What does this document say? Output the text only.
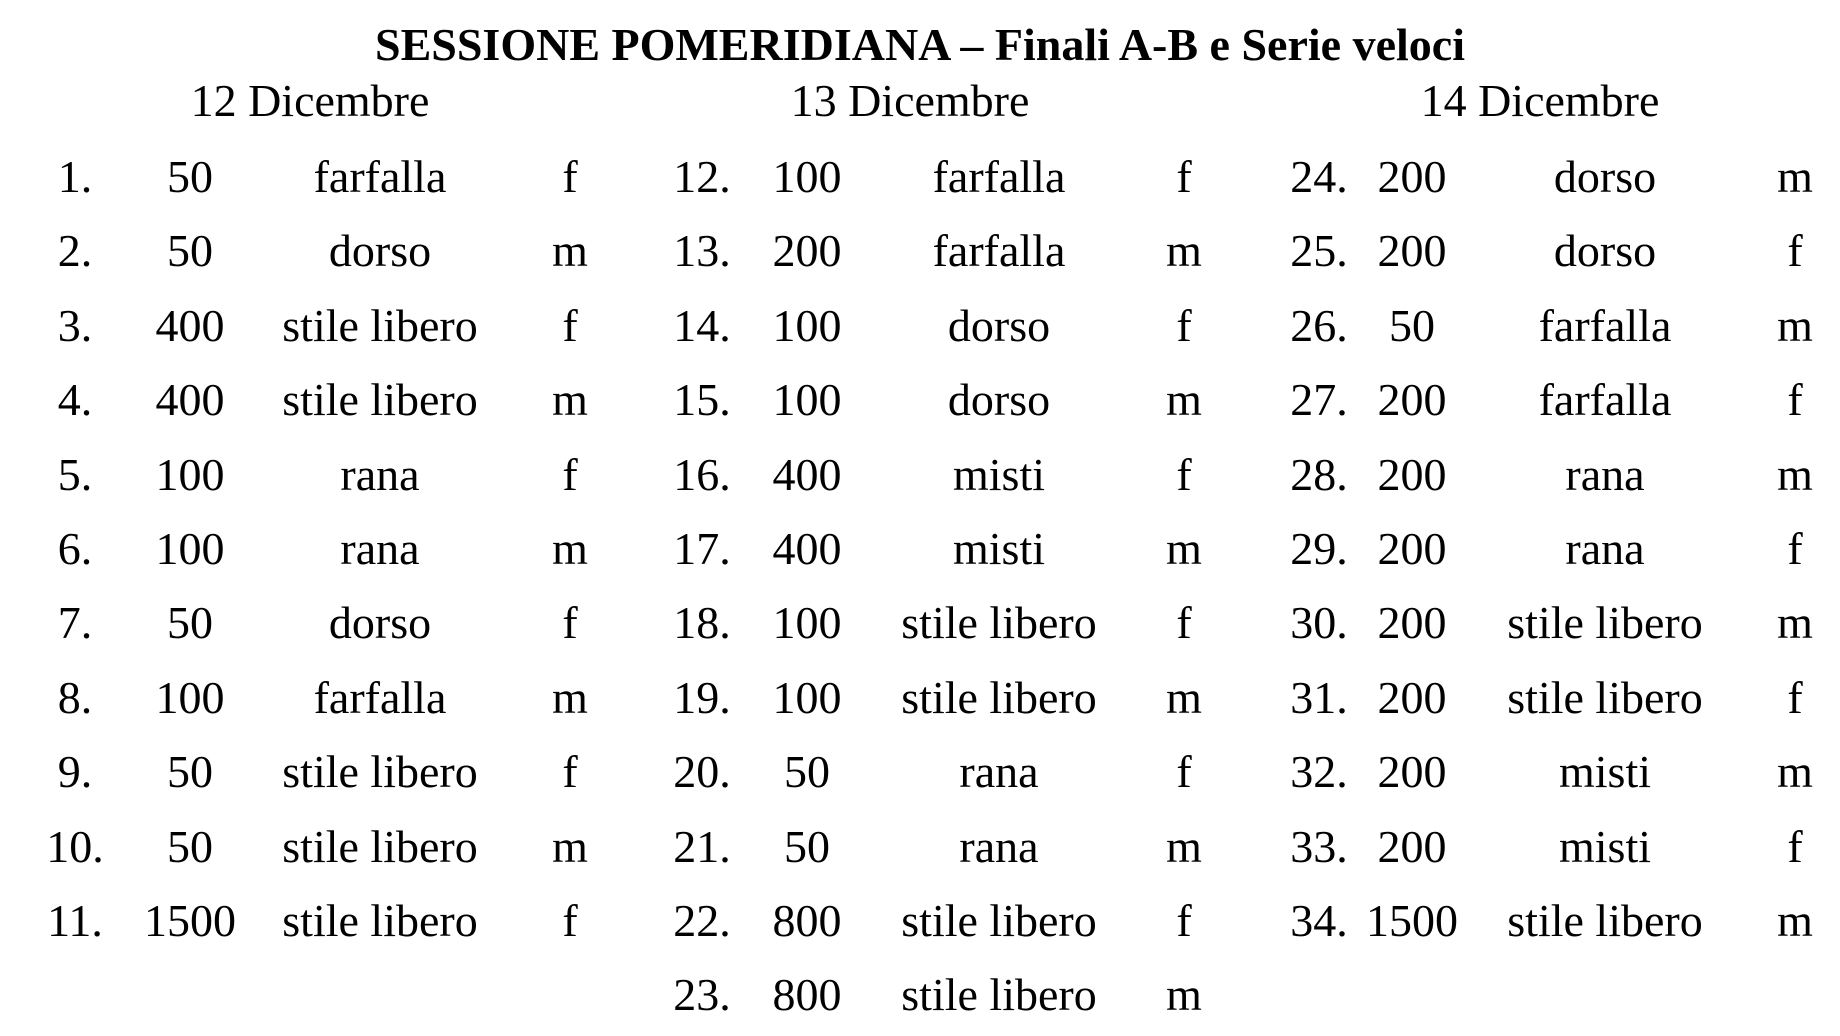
SESSIONE POMERIDIANA – Finali A-B e Serie veloci
12 Dicembre	13 Dicembre	14 Dicembre
1.	50	farfalla	f
2.	50	dorso	m
3.	400	stile libero	f
4.	400	stile libero	m
5.	100	rana	f
6.	100	rana	m
7.	50	dorso	f
8.	100	farfalla	m
9.	50	stile libero	f
10.	50	stile libero	m
11. 1500	stile libero	f
12. 100	farfalla	f
13. 200	farfalla	m
14. 100	dorso	f
15. 100	dorso	m
16. 400	misti	f
17. 400	misti	m
18. 100	stile libero	f
19. 100	stile libero	m
20.	50	rana	f
21.	50	rana	m
22. 800	stile libero	f
23. 800	stile libero	m
24. 200	dorso	m
25. 200	dorso	f
26. 50	farfalla	m
27. 200	farfalla	f
28. 200	rana	m
29. 200	rana	f
30. 200	stile libero	m
31. 200	stile libero	f
32. 200	misti	m
33. 200	misti	f
34. 1500	stile libero	m
